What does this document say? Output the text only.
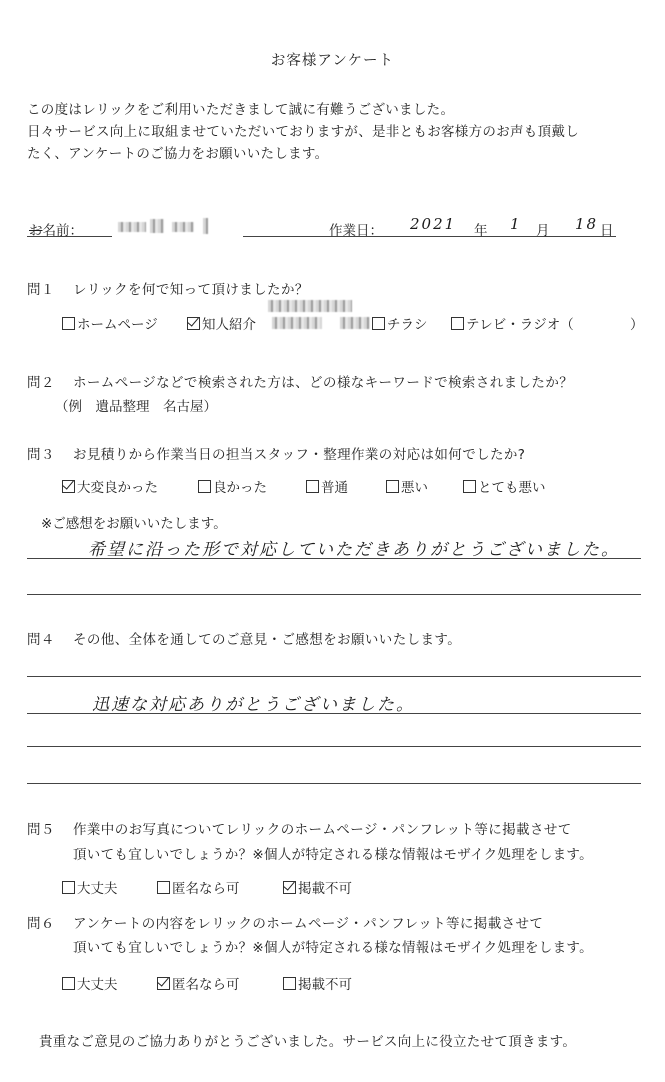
お客様アンケート
この度はレリックをご利用いただきまして誠に有難うございました。
日々サービス向上に取組ませていただいておりますが、是非ともお客様方のお声も頂戴し
たく、アンケートのご協力をお願いいたします。
お名前：	作業日： 2021 年 1 月 18 日
問１ レリックを何で知って頂けましたか？
ホームページ	知人紹介	チラシ	テレビ・ラジオ（	）
問２ ホームページなどで検索された方は、どの様なキーワードで検索されましたか？
（例　遺品整理　名古屋）
問３ お見積りから作業当日の担当スタッフ・整理作業の対応は如何でしたか?
大変良かった	良かった	普通	悪い	とても悪い
※ご感想をお願いいたします。
希望に沿った形で対応していただきありがとうございました。
問４ その他、全体を通してのご意見・ご感想をお願いいたします。
迅速な対応ありがとうございました。
問５ 作業中のお写真についてレリックのホームページ・パンフレット等に掲載させて
頂いても宜しいでしょうか？※個人が特定される様な情報はモザイク処理をします。
大丈夫	匿名なら可	掲載不可
問６ アンケートの内容をレリックのホームページ・パンフレット等に掲載させて
頂いても宜しいでしょうか？※個人が特定される様な情報はモザイク処理をします。
大丈夫	匿名なら可	掲載不可
貴重なご意見のご協力ありがとうございました。サービス向上に役立たせて頂きます。
